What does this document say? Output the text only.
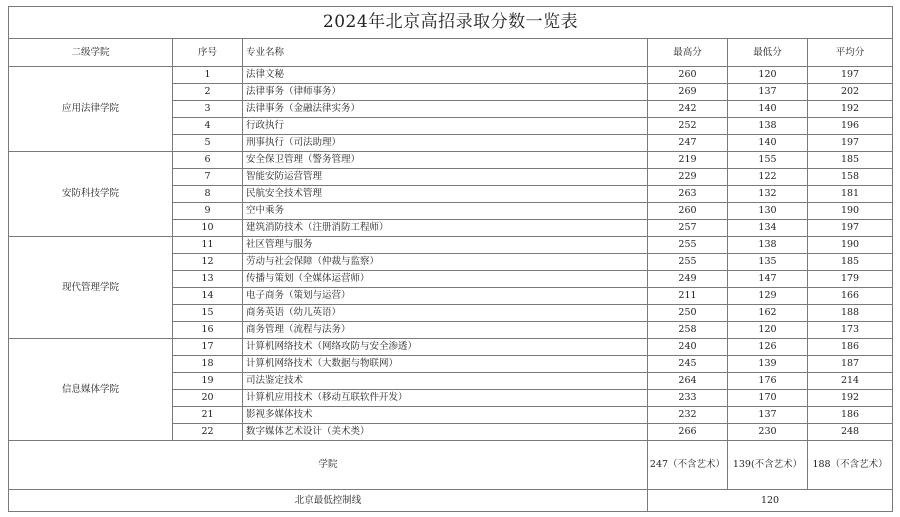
2024年北京高招录取分数一览表					
二级学院	序号	专业名称	最高分	最低分	平均分
应用法律学院	1	法律文秘	260	120	197
	2	法律事务（律师事务）	269	137	202
	3	法律事务（金融法律实务）	242	140	192
	4	行政执行	252	138	196
	5	刑事执行（司法助理）	247	140	197
安防科技学院	6	安全保卫管理（警务管理）	219	155	185
	7	智能安防运营管理	229	122	158
	8	民航安全技术管理	263	132	181
	9	空中乘务	260	130	190
	10	建筑消防技术（注册消防工程师）	257	134	197
现代管理学院	11	社区管理与服务	255	138	190
	12	劳动与社会保障（仲裁与监察）	255	135	185
	13	传播与策划（全媒体运营师）	249	147	179
	14	电子商务（策划与运营）	211	129	166
	15	商务英语（幼儿英语）	250	162	188
	16	商务管理（流程与法务）	258	120	173
信息媒体学院	17	计算机网络技术（网络攻防与安全渗透）	240	126	186
	18	计算机网络技术（大数据与物联网）	245	139	187
	19	司法鉴定技术	264	176	214
	20	计算机应用技术（移动互联软件开发）	233	170	192
	21	影视多媒体技术	232	137	186
	22	数字媒体艺术设计（美术类）	266	230	248
学院			247（不含艺术）	139(不含艺术）	188（不含艺术）
北京最低控制线			120		
